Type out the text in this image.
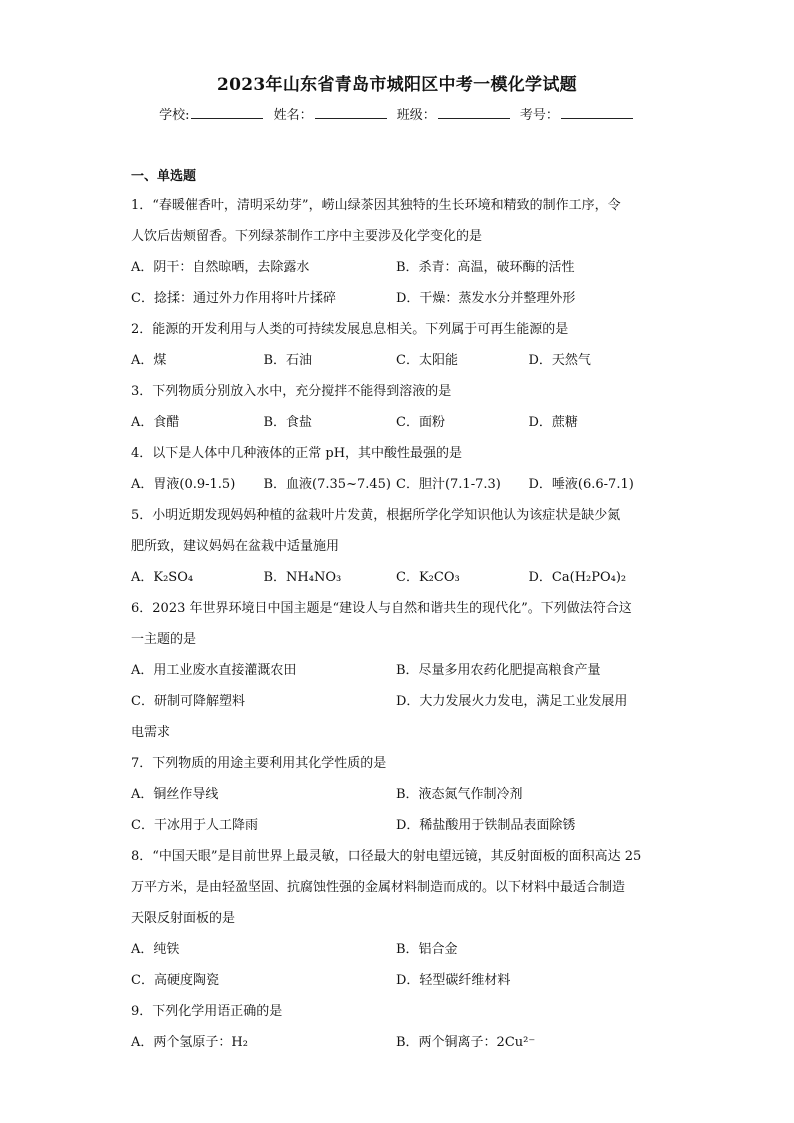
2023年山东省青岛市城阳区中考一模化学试题
学校:	姓名：	班级：	考号：
一、单选题

1．“春暖催香叶，清明采幼芽”，崂山绿茶因其独特的生长环境和精致的制作工序，令

人饮后齿颊留香。下列绿茶制作工序中主要涉及化学变化的是

A．阴干：自然晾晒，去除露水	B．杀青：高温，破环酶的活性
C．捻揉：通过外力作用将叶片揉碎	D．干燥：蒸发水分并整理外形

2．能源的开发利用与人类的可持续发展息息相关。下列属于可再生能源的是

A．煤	B．石油	C．太阳能	D．天然气

3．下列物质分别放入水中，充分搅拌不能得到溶液的是

A．食醋	B．食盐	C．面粉	D．蔗糖

4．以下是人体中几种液体的正常 pH，其中酸性最强的是

A．胃液(0.9-1.5)	B．血液(7.35~7.45) C．胆汁(7.1-7.3)	D．唾液(6.6-7.1)

5．小明近期发现妈妈种植的盆栽叶片发黄，根据所学化学知识他认为该症状是缺少氮

肥所致，建议妈妈在盆栽中适量施用

A．K₂SO₄	B．NH₄NO₃	C．K₂CO₃	D．Ca(H₂PO₄)₂

6．2023 年世界环境日中国主题是“建设人与自然和谐共生的现代化”。下列做法符合这

一主题的是

A．用工业废水直接灌溉农田	B．尽量多用农药化肥提高粮食产量
C．研制可降解塑料	D．大力发展火力发电，满足工业发展用

电需求

7．下列物质的用途主要利用其化学性质的是

A．铜丝作导线	B．液态氮气作制冷剂
C．干冰用于人工降雨	D．稀盐酸用于铁制品表面除锈

8．“中国天眼”是目前世界上最灵敏，口径最大的射电望远镜，其反射面板的面积高达 25

万平方米，是由轻盈坚固、抗腐蚀性强的金属材料制造而成的。以下材料中最适合制造

天限反射面板的是

A．纯铁	B．铝合金
C．高硬度陶瓷	D．轻型碳纤维材料

9．下列化学用语正确的是

A．两个氢原子：H₂	B．两个铜离子：2Cu²⁻
